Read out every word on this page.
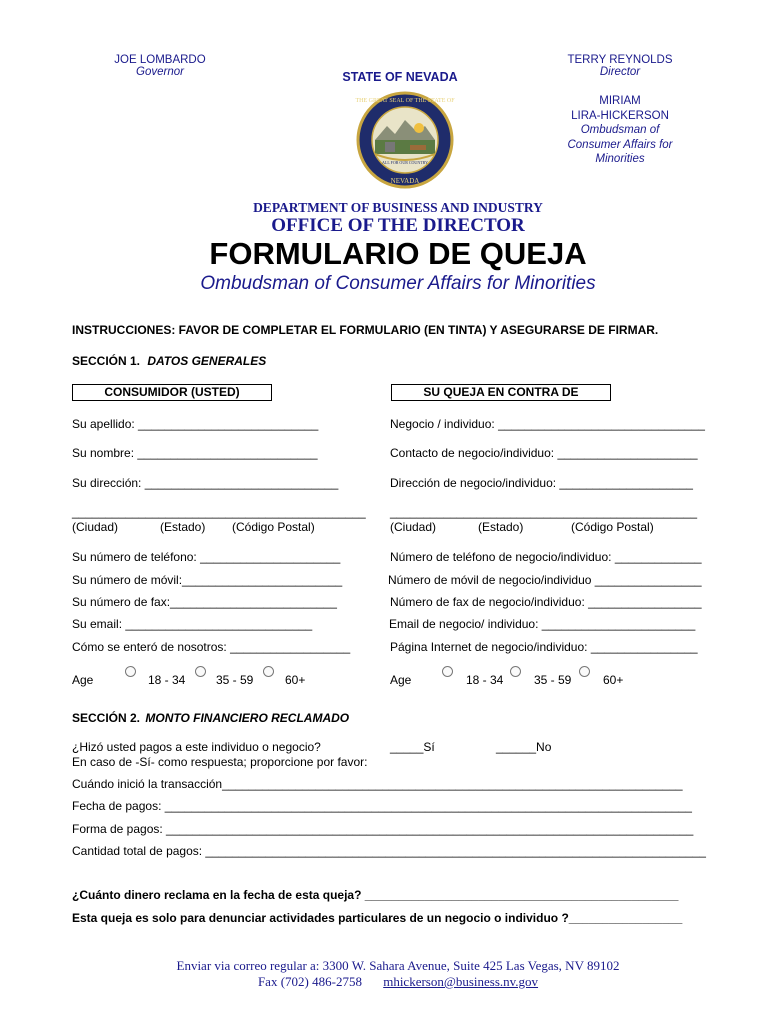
JOE LOMBARDO
Governor	STATE OF NEVADA
TERRY REYNOLDS
Director
MIRIAM
LIRA-HICKERSON
Ombudsman of
Consumer Affairs for
Minorities
THE GREAT SEAL OF THE STATE OF
NEVADA
ALL FOR OUR COUNTRY
DEPARTMENT OF BUSINESS AND INDUSTRY
OFFICE OF THE DIRECTOR
FORMULARIO DE QUEJA
Ombudsman of Consumer Affairs for Minorities
INSTRUCCIONES: FAVOR DE COMPLETAR EL FORMULARIO (EN TINTA) Y ASEGURARSE DE FIRMAR.
SECCIÓN 1. DATOS GENERALES
CONSUMIDOR (USTED)	SU QUEJA EN CONTRA DE
Su apellido: ___________________________
Su nombre: ___________________________
Su dirección: _____________________________
____________________________________________
(Ciudad)	(Estado) (Código Postal)
Su número de teléfono: _____________________
Su número de móvil:________________________
Su número de fax:_________________________
Su email: ____________________________
Cómo se enteró de nosotros: __________________
Age	18 - 34	35 - 59	60+
Negocio / individuo: _______________________________
Contacto de negocio/individuo: _____________________
Dirección de negocio/individuo: ____________________
______________________________________________
(Ciudad)	(Estado)	(Código Postal)
Número de teléfono de negocio/individuo: _____________
Número de móvil de negocio/individuo ________________
Número de fax de negocio/individuo: _________________
Email de negocio/ individuo: _______________________
Página Internet de negocio/individuo: ________________
Age	18 - 34	35 - 59	60+
SECCIÓN 2. MONTO FINANCIERO RECLAMADO
¿Hizó usted pagos a este individuo o negocio?	_____Sí	______No
En caso de -Sí- como respuesta; proporcione por favor:
Cuándo inició la transacción_____________________________________________________________________
Fecha de pagos: _______________________________________________________________________________
Forma de pagos: _______________________________________________________________________________
Cantidad total de pagos: ___________________________________________________________________________
¿Cuánto dinero reclama en la fecha de esta queja? _______________________________________________
Esta queja es solo para denunciar actividades particulares de un negocio o individuo ?_________________
Enviar via correo regular a: 3300 W. Sahara Avenue, Suite 425 Las Vegas, NV 89102
Fax (702) 486-2758 mhickerson@business.nv.gov
